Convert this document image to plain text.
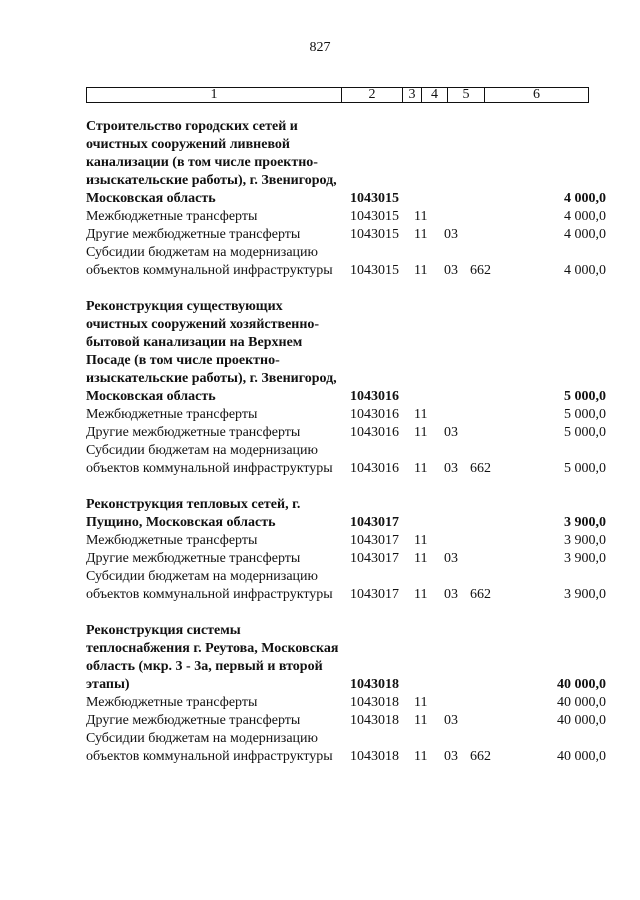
827
1	2	3	4	5	6
Строительство городских сетей и очистных сооружений ливневой канализации (в том числе проектно-изыскательские работы), г. Звенигород, Московская область	1043015	4 000,0
Межбюджетные трансферты	1043015 11	4 000,0
Другие межбюджетные трансферты	1043015 11 03	4 000,0
Субсидии бюджетам на модернизацию объектов коммунальной инфраструктуры	1043015 11 03 662	4 000,0
Реконструкция существующих очистных сооружений хозяйственно-бытовой канализации на Верхнем Посаде (в том числе проектно-изыскательские работы), г. Звенигород, Московская область	1043016	5 000,0
Межбюджетные трансферты	1043016 11	5 000,0
Другие межбюджетные трансферты	1043016 11 03	5 000,0
Субсидии бюджетам на модернизацию объектов коммунальной инфраструктуры	1043016 11 03 662	5 000,0
Реконструкция тепловых сетей, г. Пущино, Московская область	1043017	3 900,0
Межбюджетные трансферты	1043017 11	3 900,0
Другие межбюджетные трансферты	1043017 11 03	3 900,0
Субсидии бюджетам на модернизацию объектов коммунальной инфраструктуры	1043017 11 03 662	3 900,0
Реконструкция системы теплоснабжения г. Реутова, Московская область (мкр. 3 - 3а, первый и второй этапы)	1043018	40 000,0
Межбюджетные трансферты	1043018 11	40 000,0
Другие межбюджетные трансферты	1043018 11 03	40 000,0
Субсидии бюджетам на модернизацию объектов коммунальной инфраструктуры	1043018 11 03 662	40 000,0
